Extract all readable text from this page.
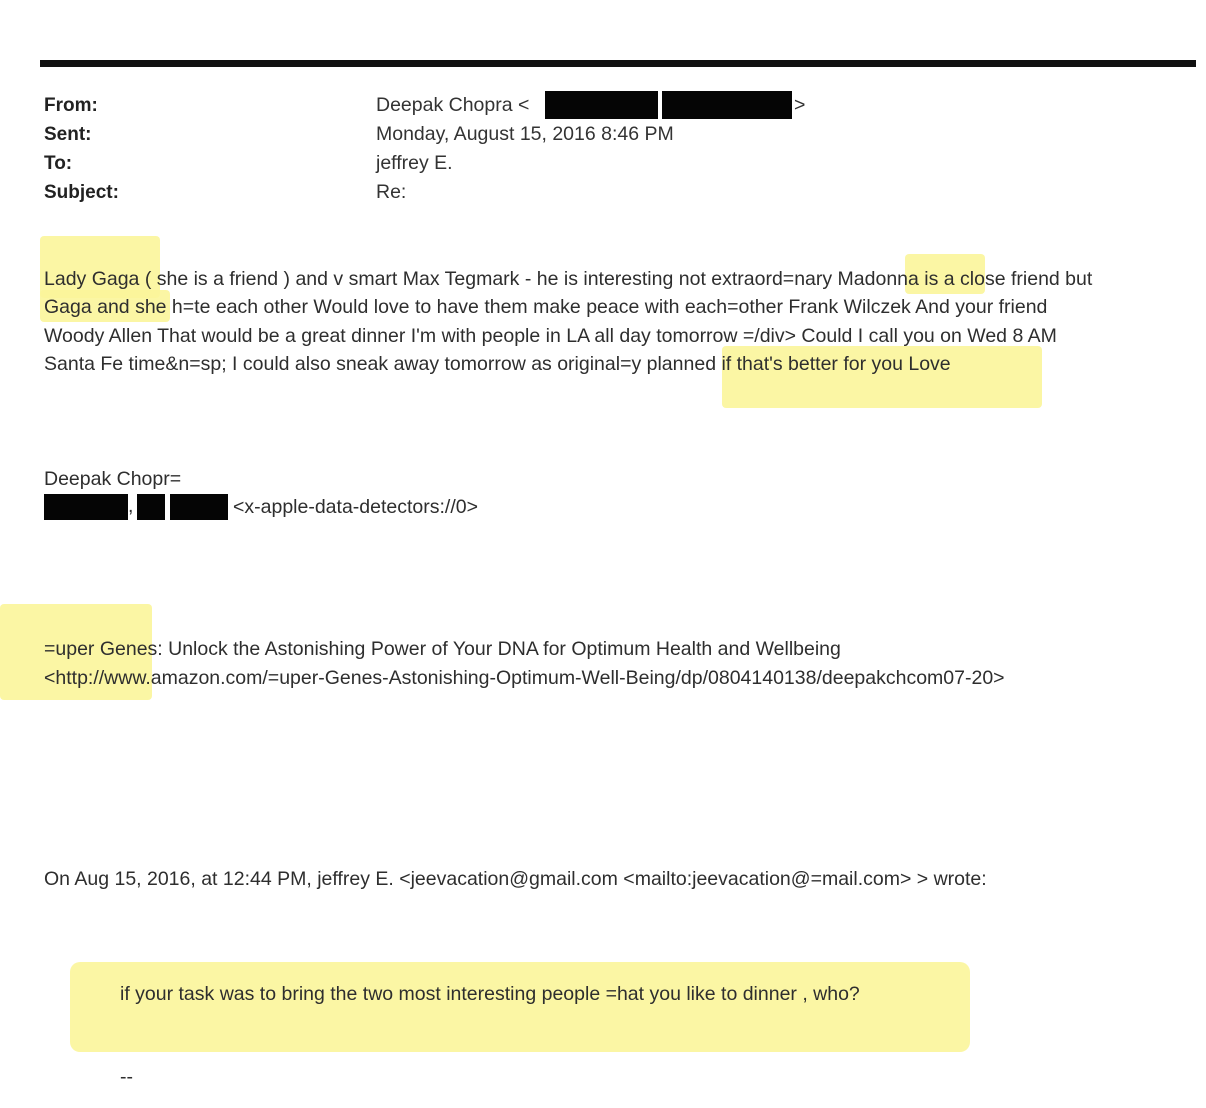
From:
Sent:
To:
Subject:
Deepak Chopra <	>
Monday, August 15, 2016 8:46 PM
jeffrey E.
Re:
Lady Gaga ( she is a friend ) and v smart Max Tegmark - he is interesting not extraord=nary Madonna is a close friend but
Gaga and she h=te each other Would love to have them make peace with each=other Frank Wilczek And your friend
Woody Allen That would be a great dinner I'm with people in LA all day tomorrow =/div> Could I call you on Wed 8 AM
Santa Fe time&n=sp; I could also sneak away tomorrow as original=y planned if that's better for you Love
Deepak Chopr=
,	<x-apple-data-detectors://0>
=uper Genes: Unlock the Astonishing Power of Your DNA for Optimum Health and Wellbeing
<http://www.amazon.com/=uper-Genes-Astonishing-Optimum-Well-Being/dp/0804140138/deepakchcom07-20>
On Aug 15, 2016, at 12:44 PM, jeffrey E. <jeevacation@gmail.com <mailto:jeevacation@=mail.com> > wrote:
if your task was to bring the two most interesting people =hat you like to dinner , who?
--
